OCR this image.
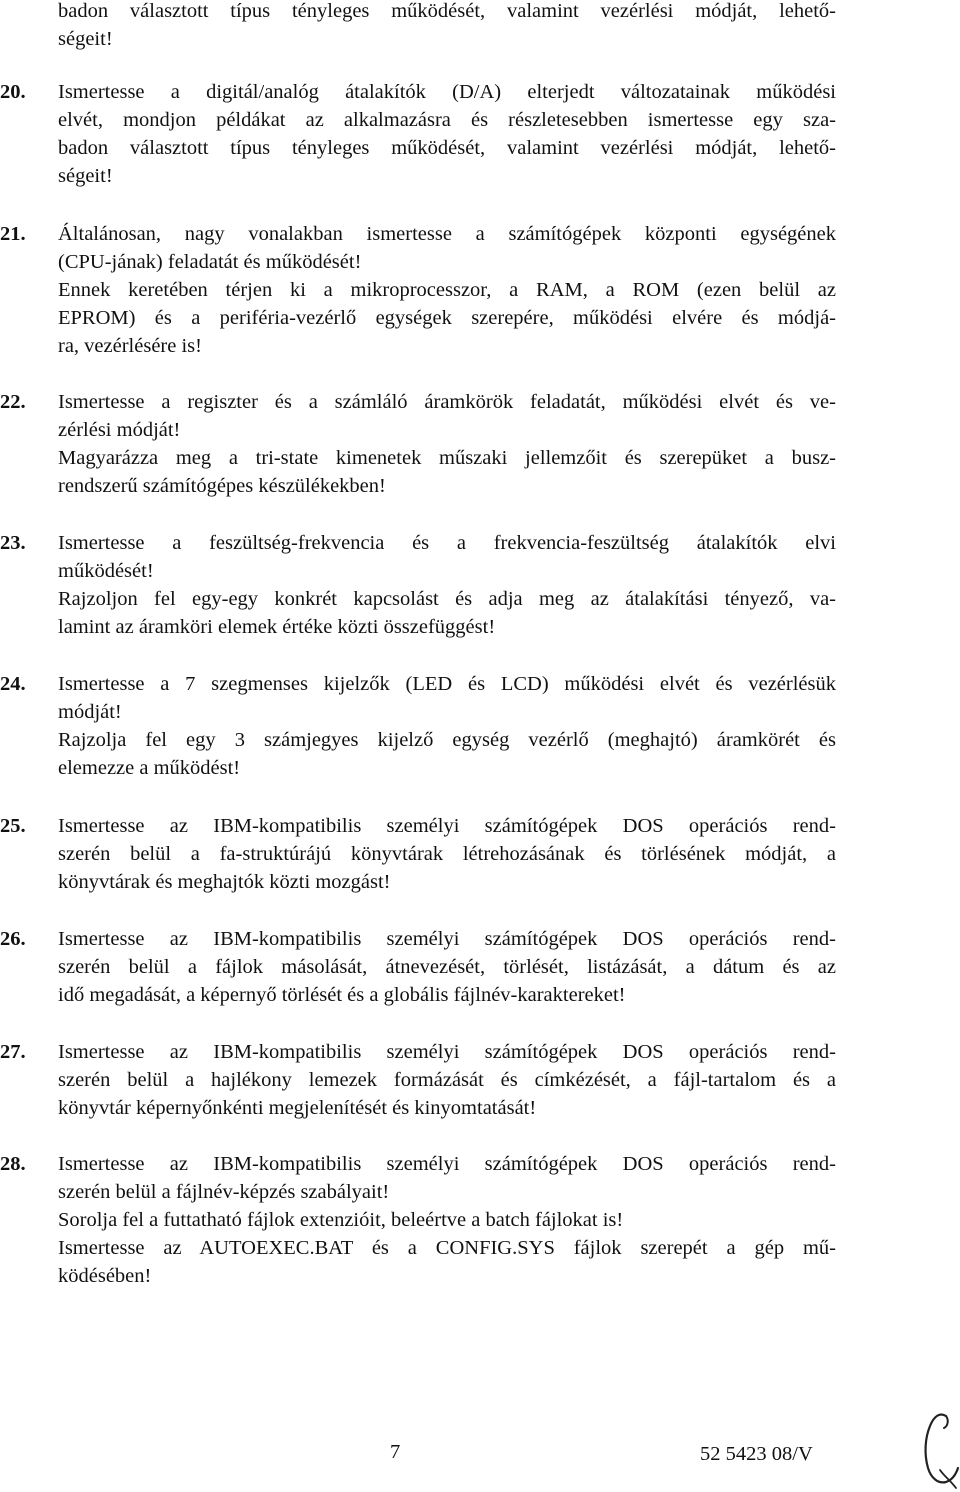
badon választott típus tényleges működését, valamint vezérlési módját, lehető-
ségeit!
20.	Ismertesse a digitál/analóg átalakítók (D/A) elterjedt változatainak működési
elvét, mondjon példákat az alkalmazásra és részletesebben ismertesse egy sza-
badon választott típus tényleges működését, valamint vezérlési módját, lehető-
ségeit!
21.	Általánosan, nagy vonalakban ismertesse a számítógépek központi egységének
(CPU-jának) feladatát és működését!
Ennek keretében térjen ki a mikroprocesszor, a RAM, a ROM (ezen belül az
EPROM) és a periféria-vezérlő egységek szerepére, működési elvére és módjá-
ra, vezérlésére is!
22.	Ismertesse a regiszter és a számláló áramkörök feladatát, működési elvét és ve-
zérlési módját!
Magyarázza meg a tri-state kimenetek műszaki jellemzőit és szerepüket a busz-
rendszerű számítógépes készülékekben!
23.	Ismertesse a feszültség-frekvencia és a frekvencia-feszültség átalakítók elvi
működését!
Rajzoljon fel egy-egy konkrét kapcsolást és adja meg az átalakítási tényező, va-
lamint az áramköri elemek értéke közti összefüggést!
24.	Ismertesse a 7 szegmenses kijelzők (LED és LCD) működési elvét és vezérlésük
módját!
Rajzolja fel egy 3 számjegyes kijelző egység vezérlő (meghajtó) áramkörét és
elemezze a működést!
25.	Ismertesse az IBM-kompatibilis személyi számítógépek DOS operációs rend-
szerén belül a fa-struktúrájú könyvtárak létrehozásának és törlésének módját, a
könyvtárak és meghajtók közti mozgást!
26.	Ismertesse az IBM-kompatibilis személyi számítógépek DOS operációs rend-
szerén belül a fájlok másolását, átnevezését, törlését, listázását, a dátum és az
idő megadását, a képernyő törlését és a globális fájlnév-karaktereket!
27.	Ismertesse az IBM-kompatibilis személyi számítógépek DOS operációs rend-
szerén belül a hajlékony lemezek formázását és címkézését, a fájl-tartalom és a
könyvtár képernyőnkénti megjelenítését és kinyomtatását!
28.	Ismertesse az IBM-kompatibilis személyi számítógépek DOS operációs rend-
szerén belül a fájlnév-képzés szabályait!
Sorolja fel a futtatható fájlok extenzióit, beleértve a batch fájlokat is!
Ismertesse az AUTOEXEC.BAT és a CONFIG.SYS fájlok szerepét a gép mű-
ködésében!
7	52 5423 08/V
